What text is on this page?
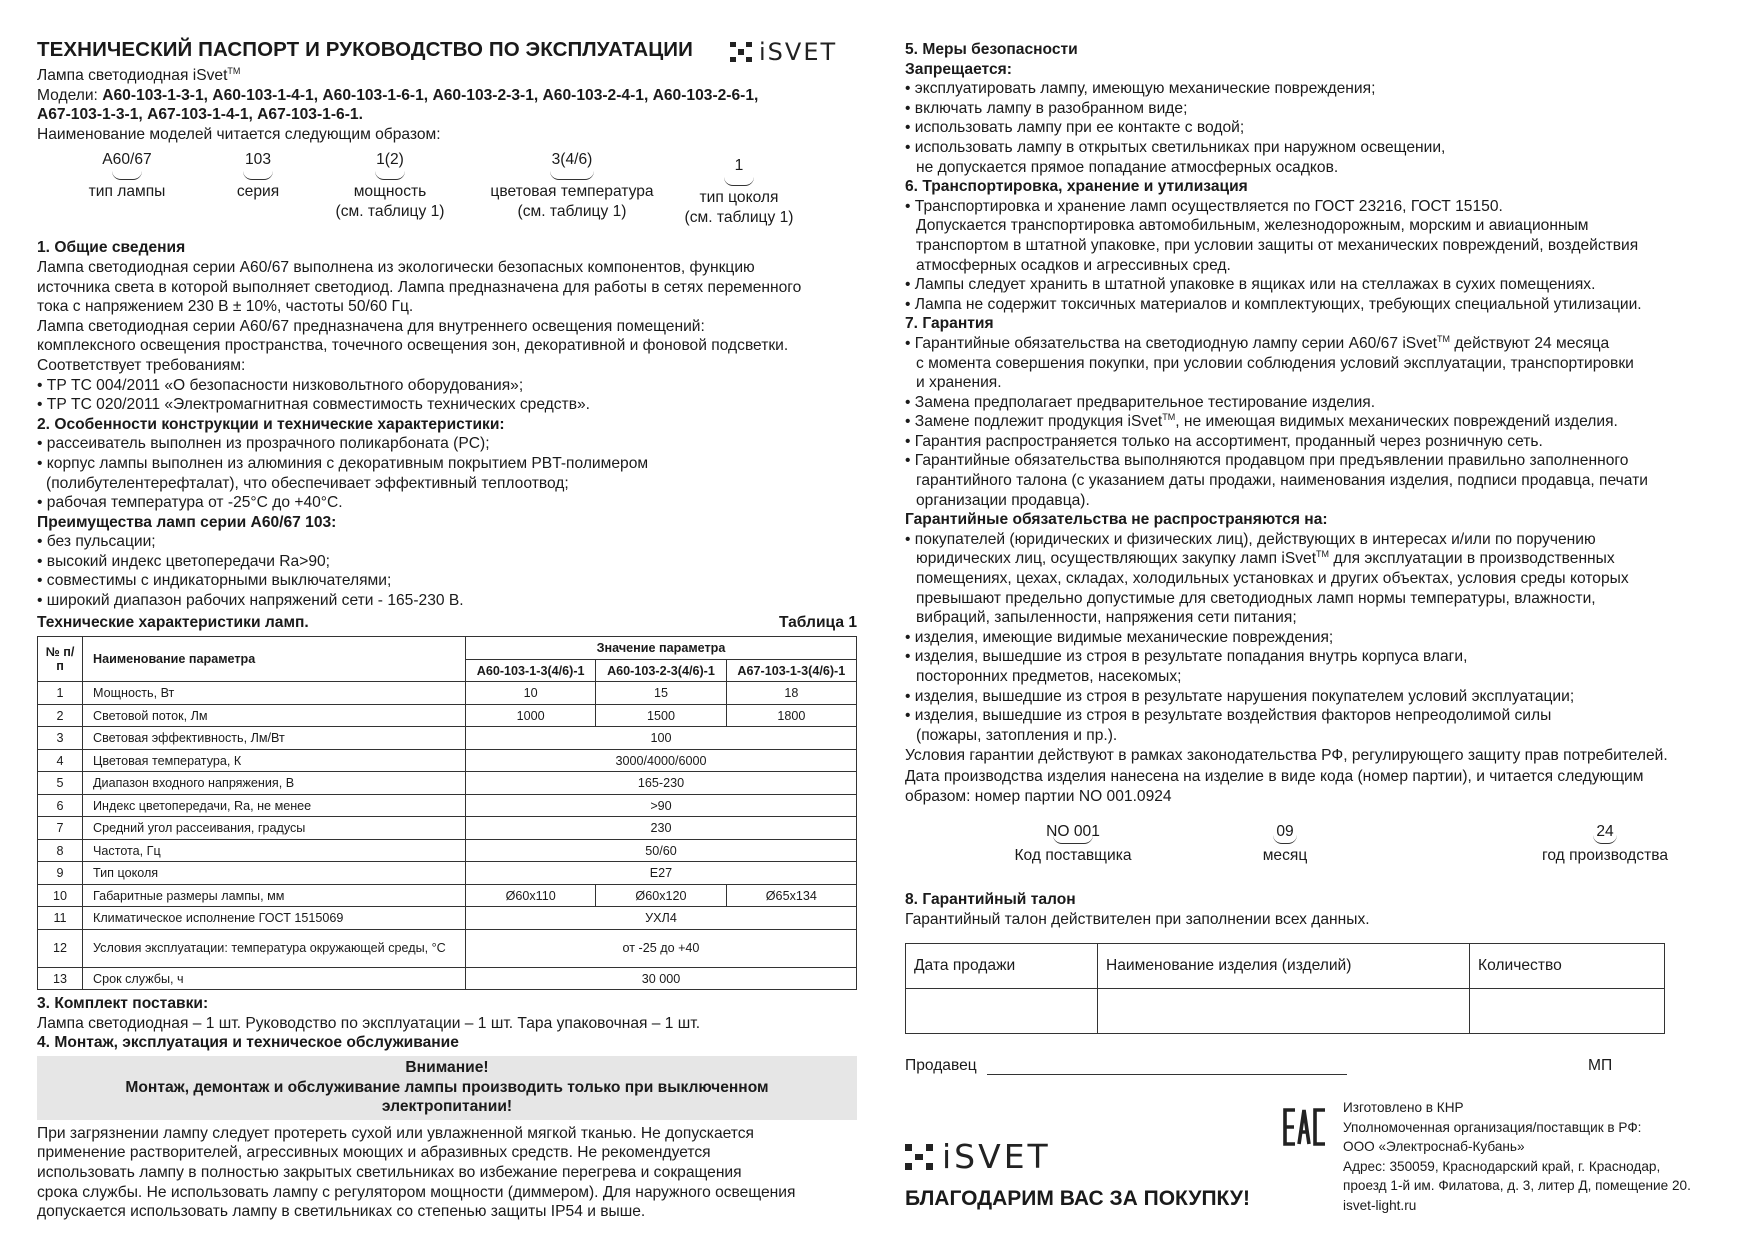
ТЕХНИЧЕСКИЙ ПАСПОРТ И РУКОВОДСТВО ПО ЭКСПЛУАТАЦИИ	iSVET

Лампа светодиодная iSvet™

Модели: А60-103-1-3-1, А60-103-1-4-1, А60-103-1-6-1, А60-103-2-3-1, А60-103-2-4-1, А60-103-2-6-1,

А67-103-1-3-1, А67-103-1-4-1, А67-103-1-6-1.

Наименование моделей читается следующим образом:

А60/67
тип лампы
103
серия
1(2)
мощность
(см. таблицу 1)
3(4/6)
цветовая температура
(см. таблицу 1)
1
тип цоколя
(см. таблицу 1)

1. Общие сведения

Лампа светодиодная серии А60/67 выполнена из экологически безопасных компонентов, функцию

источника света в которой выполняет светодиод. Лампа предназначена для работы в сетях переменного

тока с напряжением 230 В ± 10%, частоты 50/60 Гц.

Лампа светодиодная серии А60/67 предназначена для внутреннего освещения помещений:

комплексного освещения пространства, точечного освещения зон, декоративной и фоновой подсветки.

Соответствует требованиям:

• ТР ТС 004/2011 «О безопасности низковольтного оборудования»;

• ТР ТС 020/2011 «Электромагнитная совместимость технических средств».

2. Особенности конструкции и технические характеристики:

• рассеиватель выполнен из прозрачного поликарбоната (PC);

• корпус лампы выполнен из алюминия с декоративным покрытием PBT-полимером

(полибутелентерефталат), что обеспечивает эффективный теплоотвод;

• рабочая температура от -25°С до +40°С.

Преимущества ламп серии А60/67 103:

• без пульсации;

• высокий индекс цветопередачи Ra>90;

• совместимы с индикаторными выключателями;

• широкий диапазон рабочих напряжений сети - 165-230 В.

Технические характеристики ламп.	Таблица 1
№ п/п	Наименование параметра	Значение параметра		
		А60-103-1-3(4/6)-1	А60-103-2-3(4/6)-1	А67-103-1-3(4/6)-1
1	Мощность, Вт	10	15	18
2	Световой поток, Лм	1000	1500	1800
3	Световая эффективность, Лм/Вт	100		
4	Цветовая температура, К	3000/4000/6000		
5	Диапазон входного напряжения, В	165-230		
6	Индекс цветопередачи, Ra, не менее	>90		
7	Средний угол рассеивания, градусы	230		
8	Частота, Гц	50/60		
9	Тип цоколя	E27		
10	Габаритные размеры лампы, мм	Ø60x110	Ø60x120	Ø65x134
11	Климатическое исполнение ГОСТ 1515069	УХЛ4		
12	Условия эксплуатации: температура окружающей среды, °С	от -25 до +40		
13	Срок службы, ч	30 000		

3. Комплект поставки:

Лампа светодиодная – 1 шт. Руководство по эксплуатации – 1 шт. Тара упаковочная – 1 шт.

4. Монтаж, эксплуатация и техническое обслуживание

Внимание!
Монтаж, демонтаж и обслуживание лампы производить только при выключенном
электропитании!

При загрязнении лампу следует протереть сухой или увлажненной мягкой тканью. Не допускается

применение растворителей, агрессивных моющих и абразивных средств. Не рекомендуется

использовать лампу в полностью закрытых светильниках во избежание перегрева и сокращения

срока службы. Не использовать лампу с регулятором мощности (диммером). Для наружного освещения

допускается использовать лампу в светильниках со степенью защиты IP54 и выше.

5. Меры безопасности

Запрещается:

• эксплуатировать лампу, имеющую механические повреждения;

• включать лампу в разобранном виде;

• использовать лампу при ее контакте с водой;

• использовать лампу в открытых светильниках при наружном освещении,

не допускается прямое попадание атмосферных осадков.

6. Транспортировка, хранение и утилизация

• Транспортировка и хранение ламп осуществляется по ГОСТ 23216, ГОСТ 15150.

Допускается транспортировка автомобильным, железнодорожным, морским и авиационным

транспортом в штатной упаковке, при условии защиты от механических повреждений, воздействия

атмосферных осадков и агрессивных сред.

• Лампы следует хранить в штатной упаковке в ящиках или на стеллажах в сухих помещениях.

• Лампа не содержит токсичных материалов и комплектующих, требующих специальной утилизации.

7. Гарантия

• Гарантийные обязательства на светодиодную лампу серии А60/67 iSvet™ действуют 24 месяца

с момента совершения покупки, при условии соблюдения условий эксплуатации, транспортировки

и хранения.

• Замена предполагает предварительное тестирование изделия.

• Замене подлежит продукция iSvet™, не имеющая видимых механических повреждений изделия.

• Гарантия распространяется только на ассортимент, проданный через розничную сеть.

• Гарантийные обязательства выполняются продавцом при предъявлении правильно заполненного

гарантийного талона (с указанием даты продажи, наименования изделия, подписи продавца, печати

организации продавца).

Гарантийные обязательства не распространяются на:

• покупателей (юридических и физических лиц), действующих в интересах и/или по поручению

юридических лиц, осуществляющих закупку ламп iSvet™ для эксплуатации в производственных

помещениях, цехах, складах, холодильных установках и других объектах, условия среды которых

превышают предельно допустимые для светодиодных ламп нормы температуры, влажности,

вибраций, запыленности, напряжения сети питания;

• изделия, имеющие видимые механические повреждения;

• изделия, вышедшие из строя в результате попадания внутрь корпуса влаги,

посторонних предметов, насекомых;

• изделия, вышедшие из строя в результате нарушения покупателем условий эксплуатации;

• изделия, вышедшие из строя в результате воздействия факторов непреодолимой силы

(пожары, затопления и пр.).

Условия гарантии действуют в рамках законодательства РФ, регулирующего защиту прав потребителей.

Дата производства изделия нанесена на изделие в виде кода (номер партии), и читается следующим

образом: номер партии NO 001.0924

NO 001
Код поставщика
09
месяц
24
год производства

8. Гарантийный талон

Гарантийный талон действителен при заполнении всех данных.

Дата продажи	Наименование изделия (изделий)	Количество

Продавец	МП
iSVET
БЛАГОДАРИМ ВАС ЗА ПОКУПКУ!
Изготовлено в КНР
Уполномоченная организация/поставщик в РФ:
ООО «Электроснаб-Кубань»
Адрес: 350059, Краснодарский край, г. Краснодар,
проезд 1-й им. Филатова, д. 3, литер Д, помещение 20.
isvet-light.ru
